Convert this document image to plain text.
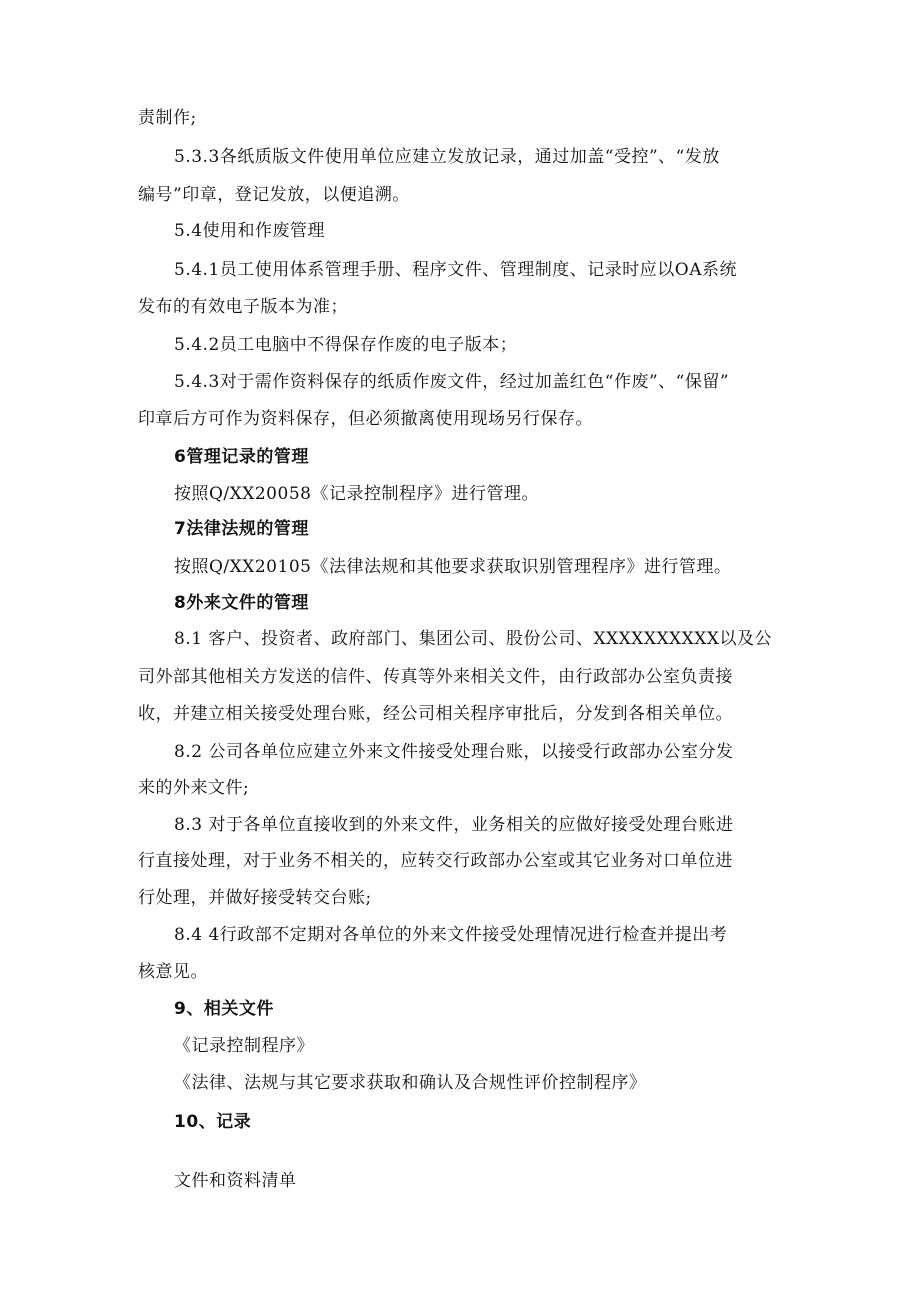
责制作;
5.3.3各纸质版文件使用单位应建立发放记录，通过加盖“受控”、“发放
编号”印章，登记发放，以便追溯。
5.4使用和作废管理
5.4.1员工使用体系管理手册、程序文件、管理制度、记录时应以OA系统
发布的有效电子版本为准；
5.4.2员工电脑中不得保存作废的电子版本；
5.4.3对于需作资料保存的纸质作废文件，经过加盖红色“作废”、“保留”
印章后方可作为资料保存，但必须撤离使用现场另行保存。
6管理记录的管理
按照Q/XX20058《记录控制程序》进行管理。
7法律法规的管理
按照Q/XX20105《法律法规和其他要求获取识别管理程序》进行管理。
8外来文件的管理
8.1 客户、投资者、政府部门、集团公司、股份公司、XXXXXXXXXX以及公
司外部其他相关方发送的信件、传真等外来相关文件，由行政部办公室负责接
收，并建立相关接受处理台账，经公司相关程序审批后，分发到各相关单位。
8.2 公司各单位应建立外来文件接受处理台账，以接受行政部办公室分发
来的外来文件;
8.3 对于各单位直接收到的外来文件，业务相关的应做好接受处理台账进
行直接处理，对于业务不相关的，应转交行政部办公室或其它业务对口单位进
行处理，并做好接受转交台账;
8.4 4行政部不定期对各单位的外来文件接受处理情况进行检查并提出考
核意见。
9、相关文件
《记录控制程序》
《法律、法规与其它要求获取和确认及合规性评价控制程序》
10、记录
文件和资料清单
